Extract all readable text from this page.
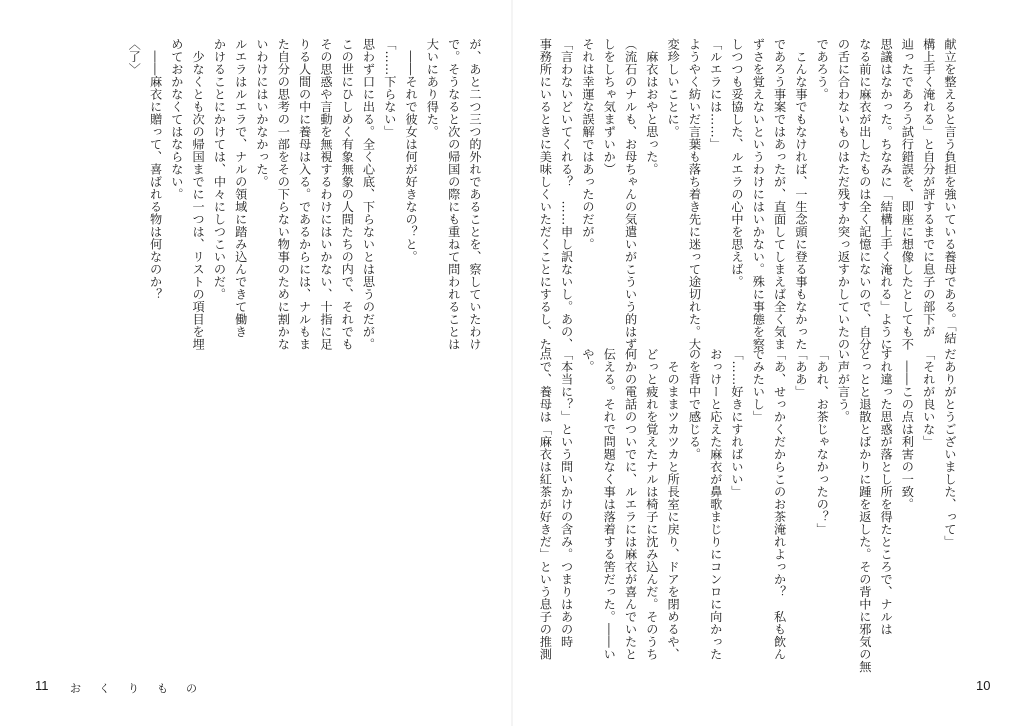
献立を整えると言う負担を強いている養母である。「結

構上手く淹れる」と自分が評するまでに息子の部下が

辿ったであろう試行錯誤を、即座に想像したとしても不

思議はなかった。ちなみに「結構上手く淹れる」ように

なる前に麻衣が出したものは全く記憶にないので、自分

の舌に合わないものはただ残すか突っ返すかしていたの

であろう。

　こんな事でもなければ、一生念頭に登る事もなかった

であろう事案ではあったが、直面してしまえば全く気ま

ずさを覚えないというわけにはいかない。殊に事態を察

しつつも妥協した、ルエラの心中を思えば。

「ルエラには……」

ようやく紡いだ言葉も落ち着き先に迷って途切れた。大

変珍しいことに。

　麻衣はおやと思った。

（流石のナルも、お母ちゃんの気遣いがこういう的はず

しをしちゃ気まずいか）

それは幸運な誤解ではあったのだが。

「言わないどいてくれる？　……申し訳ないし。あの、

事務所にいるときに美味しくいただくことにするし、た

だありがとうございました、って」

「それが良いな」

　――この点は利害の一致。

すれ違った思惑が落とし所を得たところで、ナルは

とっとと退散とばかりに踵を返した。その背中に邪気の無

い声が言う。

「あれ、お茶じゃなかったの？」

「ああ」

「あ、せっかくだからこのお茶淹れよっか？　私も飲ん

でみたいし」

「……好きにすればいい」

おっけーと応えた麻衣が鼻歌まじりにコンロに向かった

のを背中で感じる。

　そのままツカツカと所長室に戻り、ドアを閉めるや、

どっと疲れを覚えたナルは椅子に沈み込んだ。そのうち

何かの電話のついでに、ルエラには麻衣が喜んでいたと

伝える。それで問題なく事は落着する筈だった。――い

や。

「本当に？」という問いかけの含み。つまりはあの時

点で、養母は「麻衣は紅茶が好きだ」という息子の推測

が、あと二つ三つ的外れであることを、察していたわけ

で。そうなると次の帰国の際にも重ねて問われることは

大いにあり得た。

　――それで彼女は何が好きなの？と。

「……下らない」

思わず口に出る。全く心底、下らないとは思うのだが。

この世にひしめく有象無象の人間たちの内で、それでも

その思惑や言動を無視するわけにはいかない、十指に足

りる人間の中に養母は入る。であるからには、ナルもま

た自分の思考の一部をその下らない物事のために割かな

いわけにはいかなかった。

ルエラはルエラで、ナルの領域に踏み込んできて働き

かけることにかけては、中々にしつこいのだ。

　少なくとも次の帰国までに一つは、リストの項目を埋

めておかなくてはならない。

　――麻衣に贈って、喜ばれる物は何なのか？

〈了〉

11 おくりもの	10
